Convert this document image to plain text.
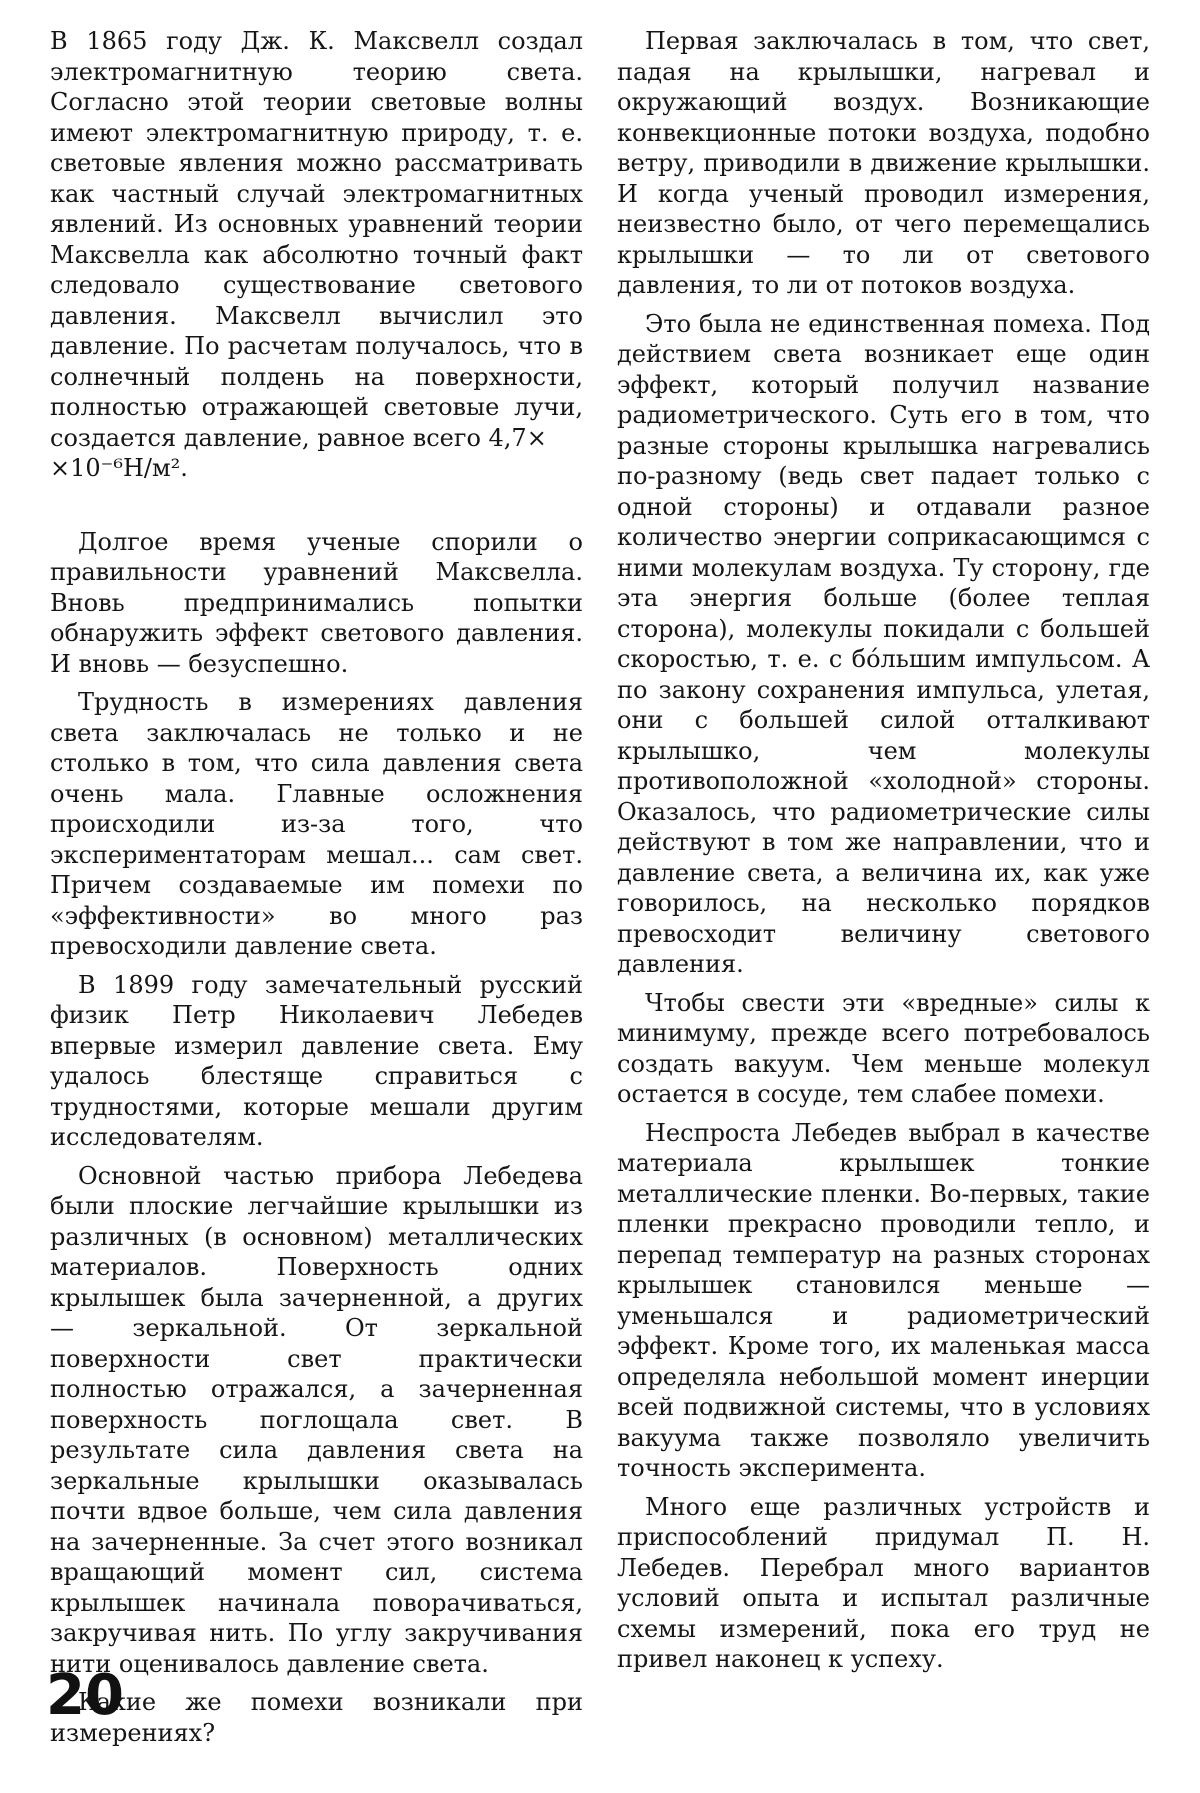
В 1865 году Дж. К. Максвелл создал электромагнитную теорию света. Согласно этой теории световые волны имеют электромагнитную природу, т. е. световые явления можно рассматривать как частный случай электромагнитных явлений. Из основных уравнений теории Максвелла как абсолютно точный факт следовало существование светового давления. Максвелл вычислил это давление. По расчетам получалось, что в солнечный полдень на поверхности, полностью отражающей световые лучи, создается давление, равное всего 4,7×
×10⁻⁶Н/м².

Долгое время ученые спорили о правильности уравнений Максвелла. Вновь предпринимались попытки обнаружить эффект светового давления. И вновь — безуспешно.

Трудность в измерениях давления света заключалась не только и не столько в том, что сила давления света очень мала. Главные осложнения происходили из-за того, что экспериментаторам мешал... сам свет. Причем создаваемые им помехи по «эффективности» во много раз превосходили давление света.

В 1899 году замечательный русский физик Петр Николаевич Лебедев впервые измерил давление света. Ему удалось блестяще справиться с трудностями, которые мешали другим исследователям.

Основной частью прибора Лебедева были плоские легчайшие крылышки из различных (в основном) металлических материалов. Поверхность одних крылышек была зачерненной, а других — зеркальной. От зеркальной поверхности свет практически полностью отражался, а зачерненная поверхность поглощала свет. В результате сила давления света на зеркальные крылышки оказывалась почти вдвое больше, чем сила давления на зачерненные. За счет этого возникал вращающий момент сил, система крылышек начинала поворачиваться, закручивая нить. По углу закручивания нити оценивалось давление света.

Какие же помехи возникали при измерениях?

Первая заключалась в том, что свет, падая на крылышки, нагревал и окружающий воздух. Возникающие конвекционные потоки воздуха, подобно ветру, приводили в движение крылышки. И когда ученый проводил измерения, неизвестно было, от чего перемещались крылышки — то ли от светового давления, то ли от потоков воздуха.

Это была не единственная помеха. Под действием света возникает еще один эффект, который получил название радиометрического. Суть его в том, что разные стороны крылышка нагревались по-разному (ведь свет падает только с одной стороны) и отдавали разное количество энергии соприкасающимся с ними молекулам воздуха. Ту сторону, где эта энергия больше (более теплая сторона), молекулы покидали с большей скоростью, т. е. с бóльшим импульсом. А по закону сохранения импульса, улетая, они с большей силой отталкивают крылышко, чем молекулы противоположной «холодной» стороны. Оказалось, что радиометрические силы действуют в том же направлении, что и давление света, а величина их, как уже говорилось, на несколько порядков превосходит величину светового давления.

Чтобы свести эти «вредные» силы к минимуму, прежде всего потребовалось создать вакуум. Чем меньше молекул остается в сосуде, тем слабее помехи.

Неспроста Лебедев выбрал в качестве материала крылышек тонкие металлические пленки. Во-первых, такие пленки прекрасно проводили тепло, и перепад температур на разных сторонах крылышек становился меньше — уменьшался и радиометрический эффект. Кроме того, их маленькая масса определяла небольшой момент инерции всей подвижной системы, что в условиях вакуума также позволяло увеличить точность эксперимента.

Много еще различных устройств и приспособлений придумал П. Н. Лебедев. Перебрал много вариантов условий опыта и испытал различные схемы измерений, пока его труд не привел наконец к успеху.

20
